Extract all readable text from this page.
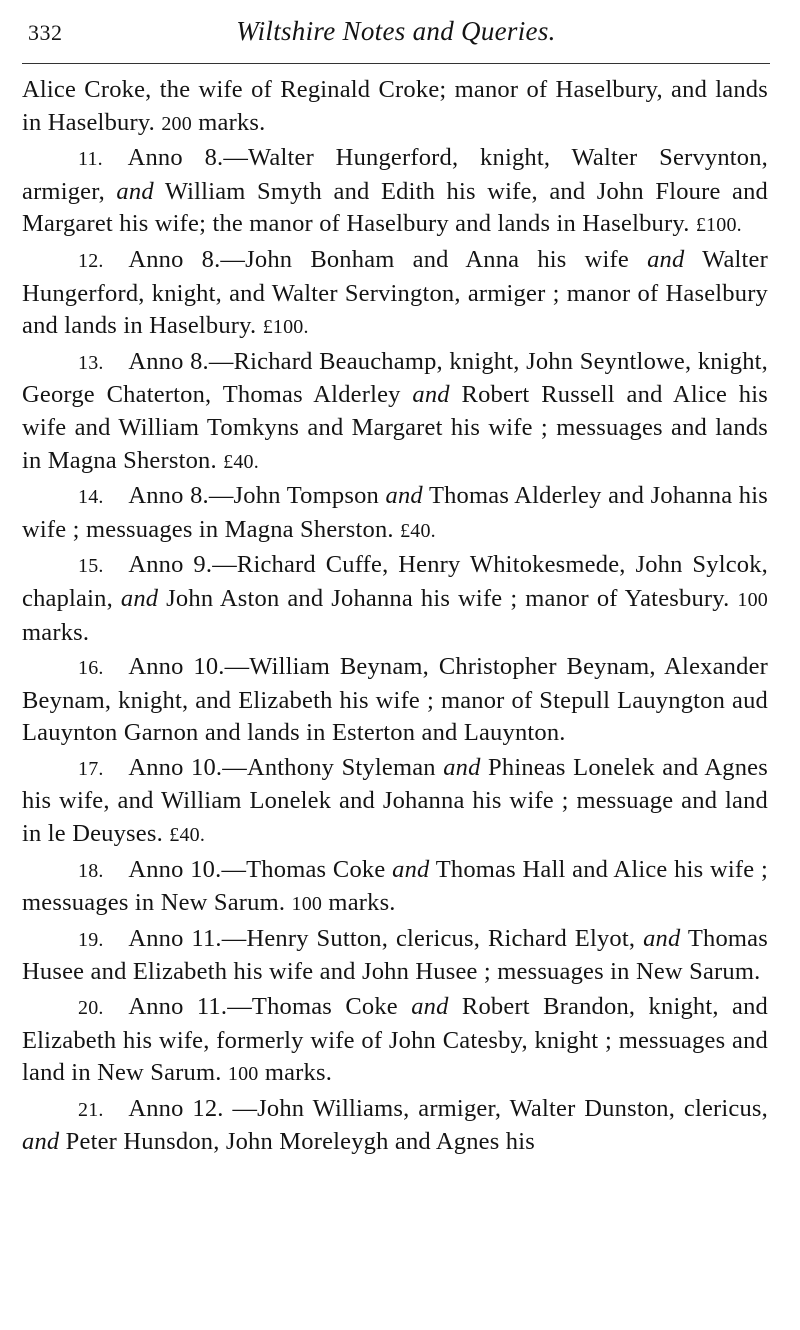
332	Wiltshire Notes and Queries.

Alice Croke, the wife of Reginald Croke; manor of Haselbury, and lands in Haselbury. 200 marks.

11.  Anno 8.—Walter Hungerford, knight, Walter Servynton, armiger, and William Smyth and Edith his wife, and John Floure and Margaret his wife; the manor of Haselbury and lands in Haselbury. £100.

12.  Anno 8.—John Bonham and Anna his wife and Walter Hungerford, knight, and Walter Servington, armiger ; manor of Haselbury and lands in Haselbury. £100.

13.  Anno 8.—Richard Beauchamp, knight, John Seyntlowe, knight, George Chaterton, Thomas Alderley and Robert Russell and Alice his wife and William Tomkyns and Margaret his wife ; messuages and lands in Magna Sherston. £40.

14.  Anno 8.—John Tompson and Thomas Alderley and Johanna his wife ; messuages in Magna Sherston. £40.

15.  Anno 9.—Richard Cuffe, Henry Whitokesmede, John Sylcok, chaplain, and John Aston and Johanna his wife ; manor of Yatesbury. 100 marks.

16.  Anno 10.—William Beynam, Christopher Beynam, Alexander Beynam, knight, and Elizabeth his wife ; manor of Stepull Lauyngton aud Lauynton Garnon and lands in Esterton and Lauynton.

17.  Anno 10.—Anthony Styleman and Phineas Lonelek and Agnes his wife, and William Lonelek and Johanna his wife ; messuage and land in le Deuyses. £40.

18.  Anno 10.—Thomas Coke and Thomas Hall and Alice his wife ; messuages in New Sarum. 100 marks.

19.  Anno 11.—Henry Sutton, clericus, Richard Elyot, and Thomas Husee and Elizabeth his wife and John Husee ; messuages in New Sarum.

20.  Anno 11.—Thomas Coke and Robert Brandon, knight, and Elizabeth his wife, formerly wife of John Catesby, knight ; messuages and land in New Sarum. 100 marks.

21.  Anno 12. —John Williams, armiger, Walter Dunston, clericus, and Peter Hunsdon, John Moreleygh and Agnes his
